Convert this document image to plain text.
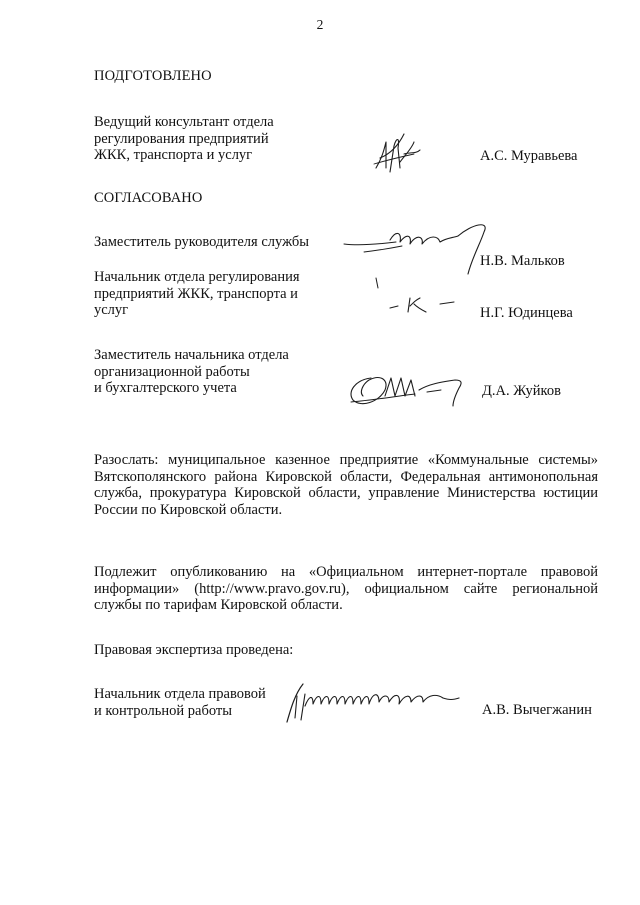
2
ПОДГОТОВЛЕНО
Ведущий консультант отдела
регулирования предприятий
ЖКК, транспорта и услуг	А.С. Муравьева
СОГЛАСОВАНО
Заместитель руководителя службы
Н.В. Мальков
Начальник отдела регулирования
предприятий ЖКК, транспорта и
услуг	Н.Г. Юдинцева
Заместитель начальника отдела
организационной работы
и бухгалтерского учета	Д.А. Жуйков
Разослать: муниципальное казенное предприятие «Коммунальные системы» Вятскополянского района Кировской области, Федеральная антимонопольная служба, прокуратура Кировской области, управление Министерства юстиции России по Кировской области.
Подлежит опубликованию на «Официальном интернет-портале правовой информации» (http://www.pravo.gov.ru), официальном сайте региональной службы по тарифам Кировской области.
Правовая экспертиза проведена:
Начальник отдела правовой
и контрольной работы	А.В. Вычегжанин
